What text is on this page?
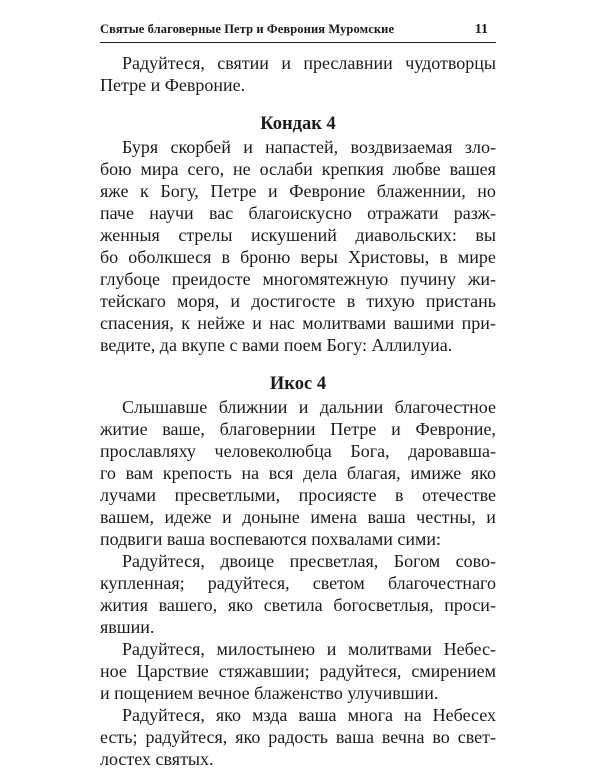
Святые благоверные Петр и Феврония Муромские	11
Радуйтеся, святии и преславнии чудотворцы
Петре и Февроние.
Кондак 4
Буря скорбей и напастей, воздвизаемая зло-
бою мира сего, не ослаби крепкия любве вашея
яже к Богу, Петре и Февроние блаженнии, но
паче научи вас благоискусно отражати разж-
женныя стрелы искушений диавольских: вы
бо оболкшеся в броню веры Христовы, в мире
глубоце преидосте многомятежную пучину жи-
тейскаго моря, и достигосте в тихую пристань
спасения, к нейже и нас молитвами вашими при-
ведите, да вкупе с вами поем Богу: Аллилуиа.
Икос 4
Слышавше ближнии и дальнии благочестное
житие ваше, благовернии Петре и Февроние,
прославляху человеколюбца Бога, даровавша-
го вам крепость на вся дела благая, имиже яко
лучами пресветлыми, просиясте в отечестве
вашем, идеже и доныне имена ваша честны, и
подвиги ваша воспеваются похвалами сими:
Радуйтеся, двоице пресветлая, Богом сово-
купленная; радуйтеся, светом благочестнаго
жития вашего, яко светила богосветлыя, проси-
явшии.
Радуйтеся, милостынею и молитвами Небес-
ное Царствие стяжавшии; радуйтеся, смирением
и пощением вечное блаженство улучившии.
Радуйтеся, яко мзда ваша многа на Небесех
есть; радуйтеся, яко радость ваша вечна во свет-
лостех святых.
